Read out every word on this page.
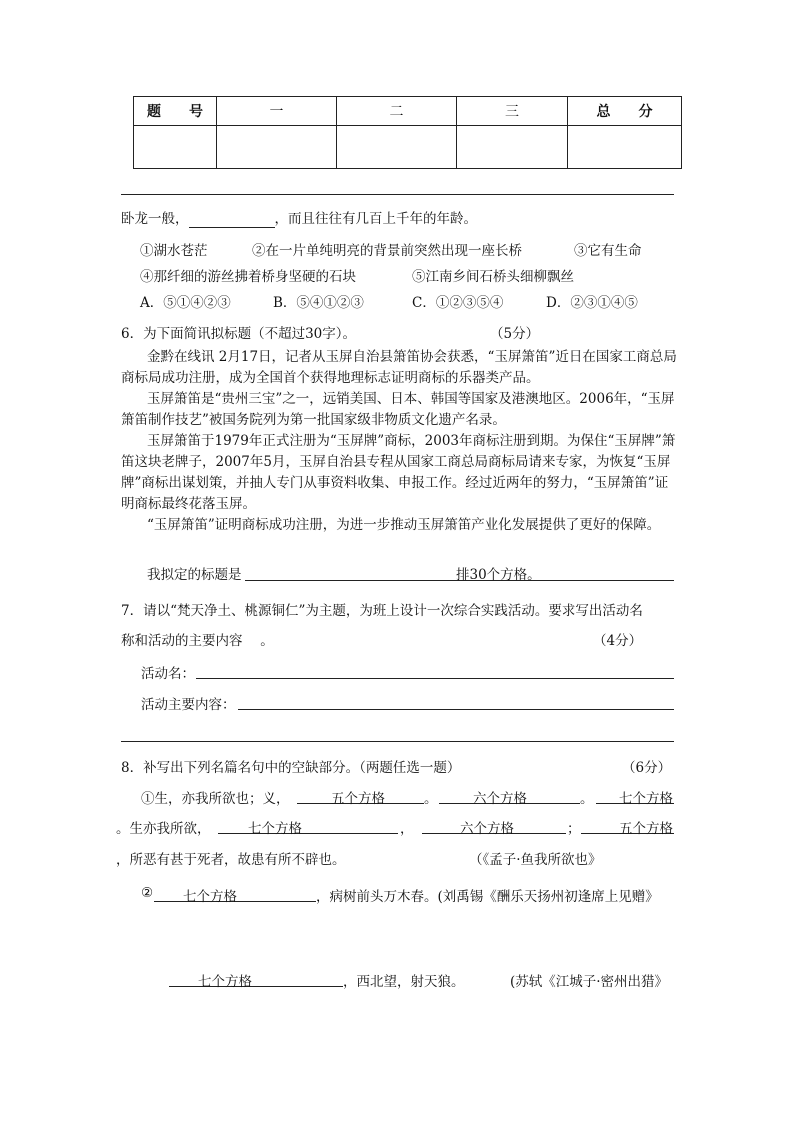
题　　号	一	二	三	总　　分

卧龙一般，	，而且往往有几百上千年的年龄。
①湖水苍茫	②在一片单纯明亮的背景前突然出现一座长桥	③它有生命
④那纤细的游丝拂着桥身坚硬的石块	⑤江南乡间石桥头细柳飘丝
A．⑤①④②③	B．⑤④①②③	C．①②③⑤④	D．②③①④⑤
6．为下面简讯拟标题（不超过30字）。	（5分）
金黔在线讯 2月17日，记者从玉屏自治县箫笛协会获悉，“玉屏箫笛”近日在国家工商总局商标局成功注册，成为全国首个获得地理标志证明商标的乐器类产品。
玉屏箫笛是“贵州三宝”之一，远销美国、日本、韩国等国家及港澳地区。2006年，“玉屏箫笛制作技艺”被国务院列为第一批国家级非物质文化遗产名录。
玉屏箫笛于1979年正式注册为“玉屏牌”商标，2003年商标注册到期。为保住“玉屏牌”箫笛这块老牌子，2007年5月，玉屏自治县专程从国家工商总局商标局请来专家，为恢复“玉屏牌”商标出谋划策，并抽人专门从事资料收集、申报工作。经过近两年的努力，“玉屏箫笛”证明商标最终花落玉屏。
“玉屏箫笛”证明商标成功注册，为进一步推动玉屏箫笛产业化发展提供了更好的保障。
我拟定的标题是	排30个方格。
7．请以“梵天净土、桃源铜仁”为主题，为班上设计一次综合实践活动。要求写出活动名
称和活动的主要内容　 。	（4分）
活动名：
活动主要内容：
8．补写出下列名篇名句中的空缺部分。（两题任选一题）	（6分）
①生，亦我所欲也；义，	五个方格	。	六个方格	。 七个方格
。生亦我所欲，	七个方格	，	六个方格	；	五个方格
，所恶有甚于死者，故患有所不辟也。	（《孟子·鱼我所欲也》
② 七个方格	，病树前头万木春。(刘禹锡《酬乐天扬州初逢席上见赠》
七个方格	，西北望，射天狼。	(苏轼《江城子·密州出猎》
